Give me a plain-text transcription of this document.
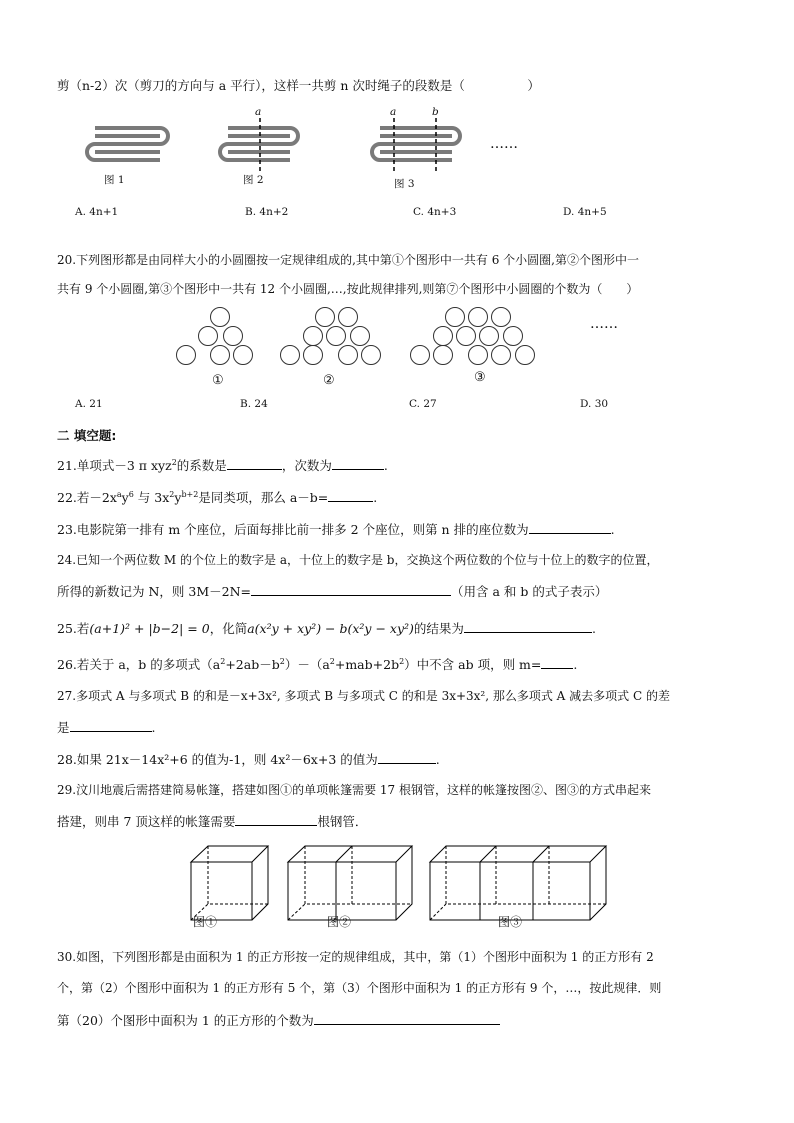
剪（n-2）次（剪刀的方向与 a 平行），这样一共剪 n 次时绳子的段数是（　　　　　）
a	a	b
图 1	图 2	图 3
……
A. 4n+1	B. 4n+2	C. 4n+3	D. 4n+5
20.下列图形都是由同样大小的小圆圈按一定规律组成的,其中第①个图形中一共有 6 个小圆圈,第②个图形中一
共有 9 个小圆圈,第③个图形中一共有 12 个小圆圈,…,按此规律排列,则第⑦个图形中小圆圈的个数为（　　）
……
①	②	③
A. 21	B. 24	C. 27	D. 30
二 填空题:
21.单项式－3 π xyz$^2$的系数是	，次数为	.
22.若$-2x^ay^6$ 与 $3x^2y^{b+2}$是同类项，那么 a－b=	.
23.电影院第一排有 m 个座位，后面每排比前一排多 2 个座位，则第 n 排的座位数为	.
24.已知一个两位数 M 的个位上的数字是 a，十位上的数字是 b，交换这个两位数的个位与十位上的数字的位置，
所得的新数记为 N，则 3M－2N=	（用含 a 和 b 的式子表示）
25.若(a+1)² + |b−2| = 0，化简a(x²y + xy²) − b(x²y − xy²)的结果为	.
26.若关于 a，b 的多项式$(a^2+2ab-b^2)-(a^2+mab+2b^2)$中不含 ab 项，则 m=	.
27.多项式 A 与多项式 B 的和是－x+3x², 多项式 B 与多项式 C 的和是 3x+3x², 那么多项式 A 减去多项式 C 的差
是	.
28.如果 21x－14x²+6 的值为-1，则 4x²－6x+3 的值为	.
29.汶川地震后需搭建简易帐篷，搭建如图①的单项帐篷需要 17 根钢管，这样的帐篷按图②、图③的方式串起来
搭建，则串 7 顶这样的帐篷需要	根钢管．
图①	图②	图③
30.如图，下列图形都是由面积为 1 的正方形按一定的规律组成，其中，第（1）个图形中面积为 1 的正方形有 2
个，第（2）个图形中面积为 1 的正方形有 5 个，第（3）个图形中面积为 1 的正方形有 9 个，…，按此规律．则
第（20）个图形中面积为 1 的正方形的个数为
